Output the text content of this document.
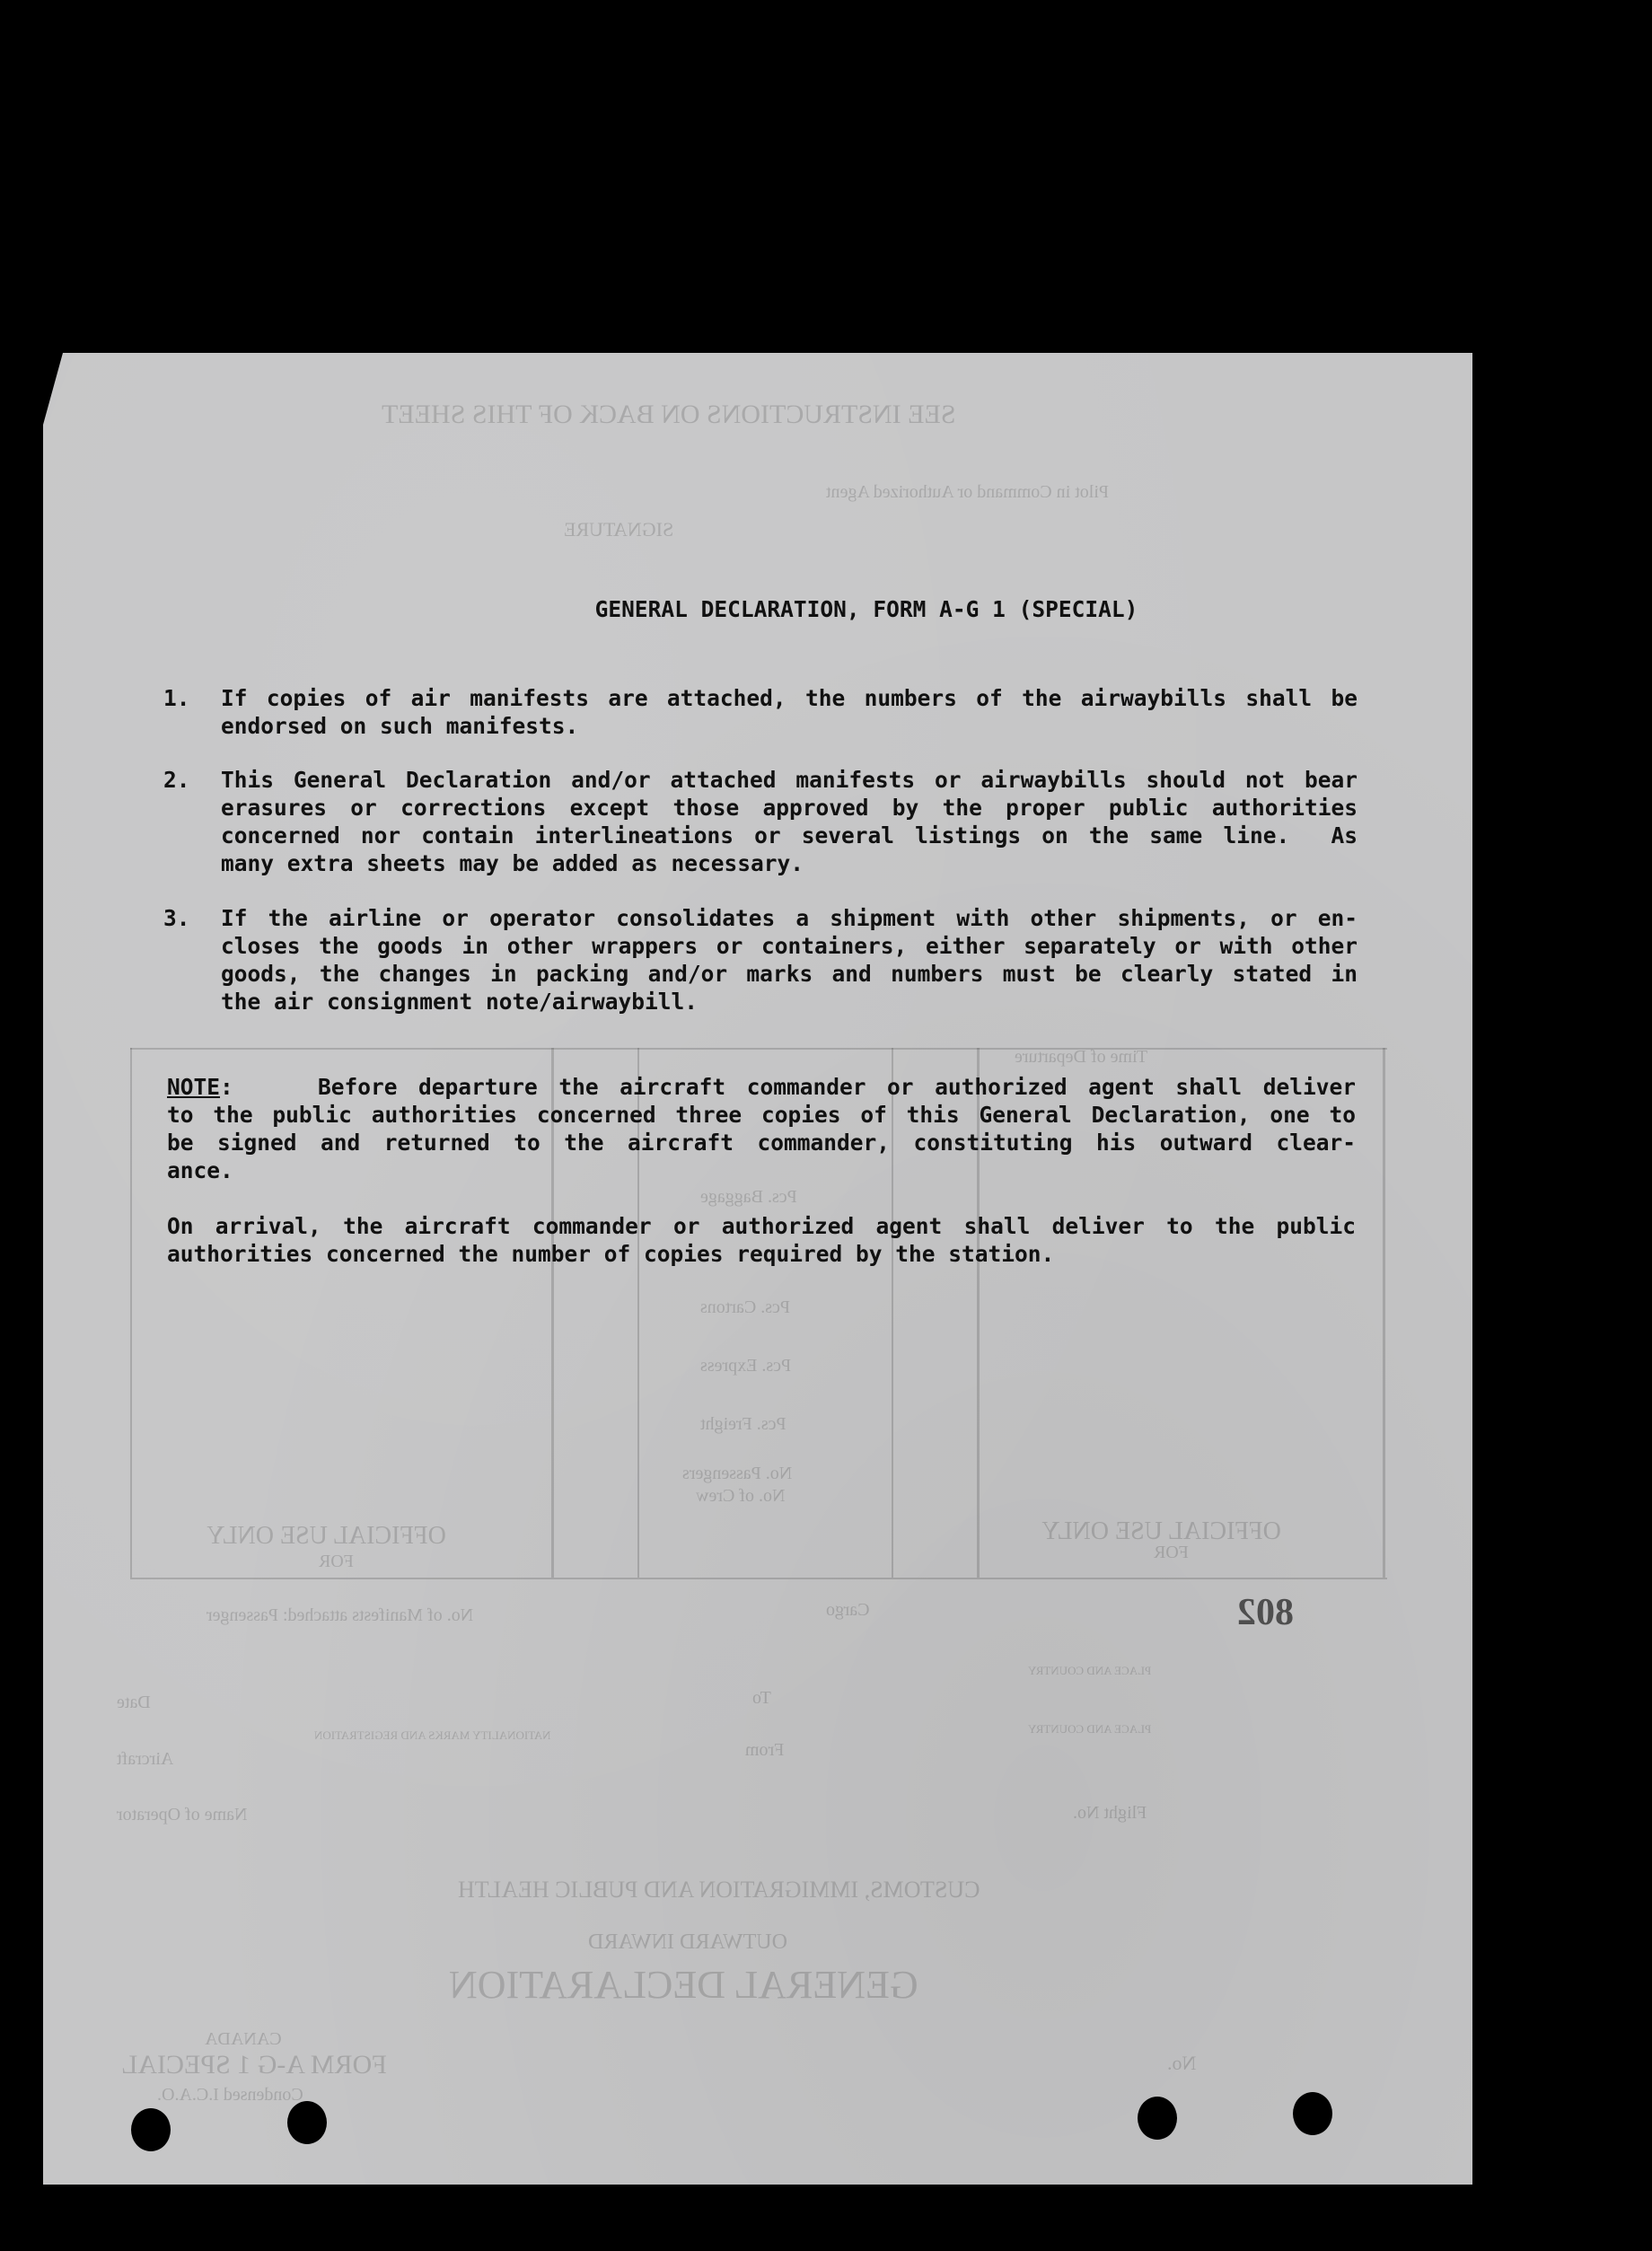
SEE INSTRUCTIONS ON BACK OF THIS SHEET
Pilot in Command or Authorized Agent
SIGNATURE
OFFICIAL USE ONLY
FOR
OFFICIAL USE ONLY
FOR
No. of Crew
No. Passengers
Pcs. Freight
Pcs. Express
Pcs. Cartons
Pcs. Baggage
Time of Departure
No. of Manifests attached: Passenger	Cargo
Date	To
PLACE AND COUNTRY
Aircraft	From
NATIONALITY MARKS AND REGISTRATION	PLACE AND COUNTRY
Name of Operator	Flight No.
CUSTOMS, IMMIGRATION AND PUBLIC HEALTH
OUTWARD INWARD
GENERAL DECLARATION
CANADA
FORM A-G 1 SPECIAL
Condensed I.C.A.O.
No.
802
GENERAL DECLARATION, FORM A-G 1 (SPECIAL)
1. If copies of air manifests are attached, the numbers of the airwaybills shall be
endorsed on such manifests.
2. This General Declaration and/or attached manifests or airwaybills should not bear
erasures or corrections except those approved by the proper public authorities
concerned nor contain interlineations or several listings on the same line.  As
many extra sheets may be added as necessary.
3. If the airline or operator consolidates a shipment with other shipments, or en-
closes the goods in other wrappers or containers, either separately or with other
goods, the changes in packing and/or marks and numbers must be clearly stated in
the air consignment note/airwaybill.
NOTE:    Before departure the aircraft commander or authorized agent shall deliver
to the public authorities concerned three copies of this General Declaration, one to
be signed and returned to the aircraft commander, constituting his outward clear-
ance.
On arrival, the aircraft commander or authorized agent shall deliver to the public
authorities concerned the number of copies required by the station.
